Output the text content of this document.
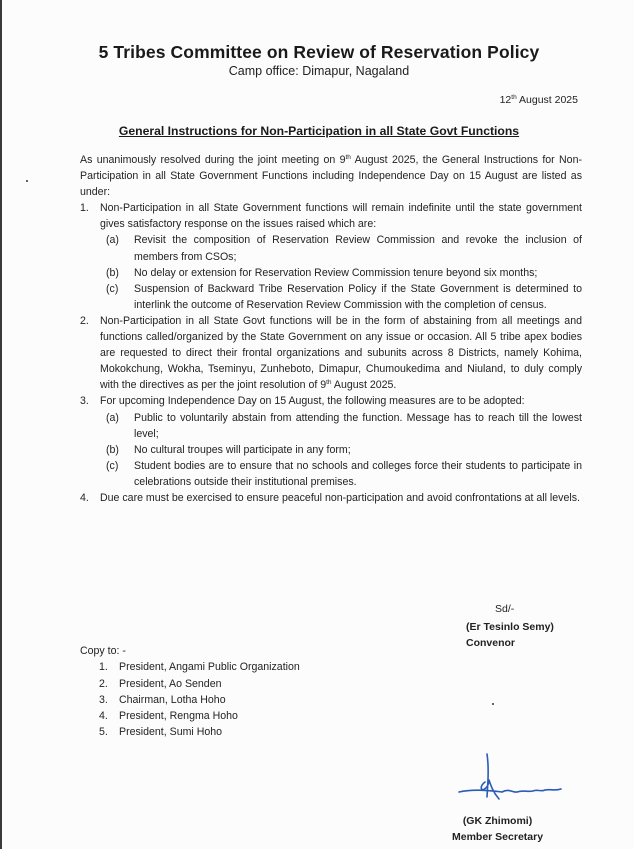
5 Tribes Committee on Review of Reservation Policy
Camp office: Dimapur, Nagaland
12th August 2025
General Instructions for Non-Participation in all State Govt Functions

As unanimously resolved during the joint meeting on 9th August 2025, the General Instructions for Non-Participation in all State Government Functions including Independence Day on 15 August are listed as under:

1.	Non-Participation in all State Government functions will remain indefinite until the state government gives satisfactory response on the issues raised which are:
(a)	Revisit the composition of Reservation Review Commission and revoke the inclusion of members from CSOs;
(b)	No delay or extension for Reservation Review Commission tenure beyond six months;
(c)	Suspension of Backward Tribe Reservation Policy if the State Government is determined to interlink the outcome of Reservation Review Commission with the completion of census.
2.	Non-Participation in all State Govt functions will be in the form of abstaining from all meetings and functions called/organized by the State Government on any issue or occasion. All 5 tribe apex bodies are requested to direct their frontal organizations and subunits across 8 Districts, namely Kohima, Mokokchung, Wokha, Tseminyu, Zunheboto, Dimapur, Chumoukedima and Niuland, to duly comply with the directives as per the joint resolution of 9th August 2025.
3.	For upcoming Independence Day on 15 August, the following measures are to be adopted:
(a)	Public to voluntarily abstain from attending the function. Message has to reach till the lowest level;
(b)	No cultural troupes will participate in any form;
(c)	Student bodies are to ensure that no schools and colleges force their students to participate in celebrations outside their institutional premises.
4.	Due care must be exercised to ensure peaceful non-participation and avoid confrontations at all levels.
Sd/-
(Er Tesinlo Semy)
Convenor
Copy to: -
1.	President, Angami Public Organization
2.	President, Ao Senden
3.	Chairman, Lotha Hoho
4.	President, Rengma Hoho
5.	President, Sumi Hoho
(GK Zhimomi)
Member Secretary
